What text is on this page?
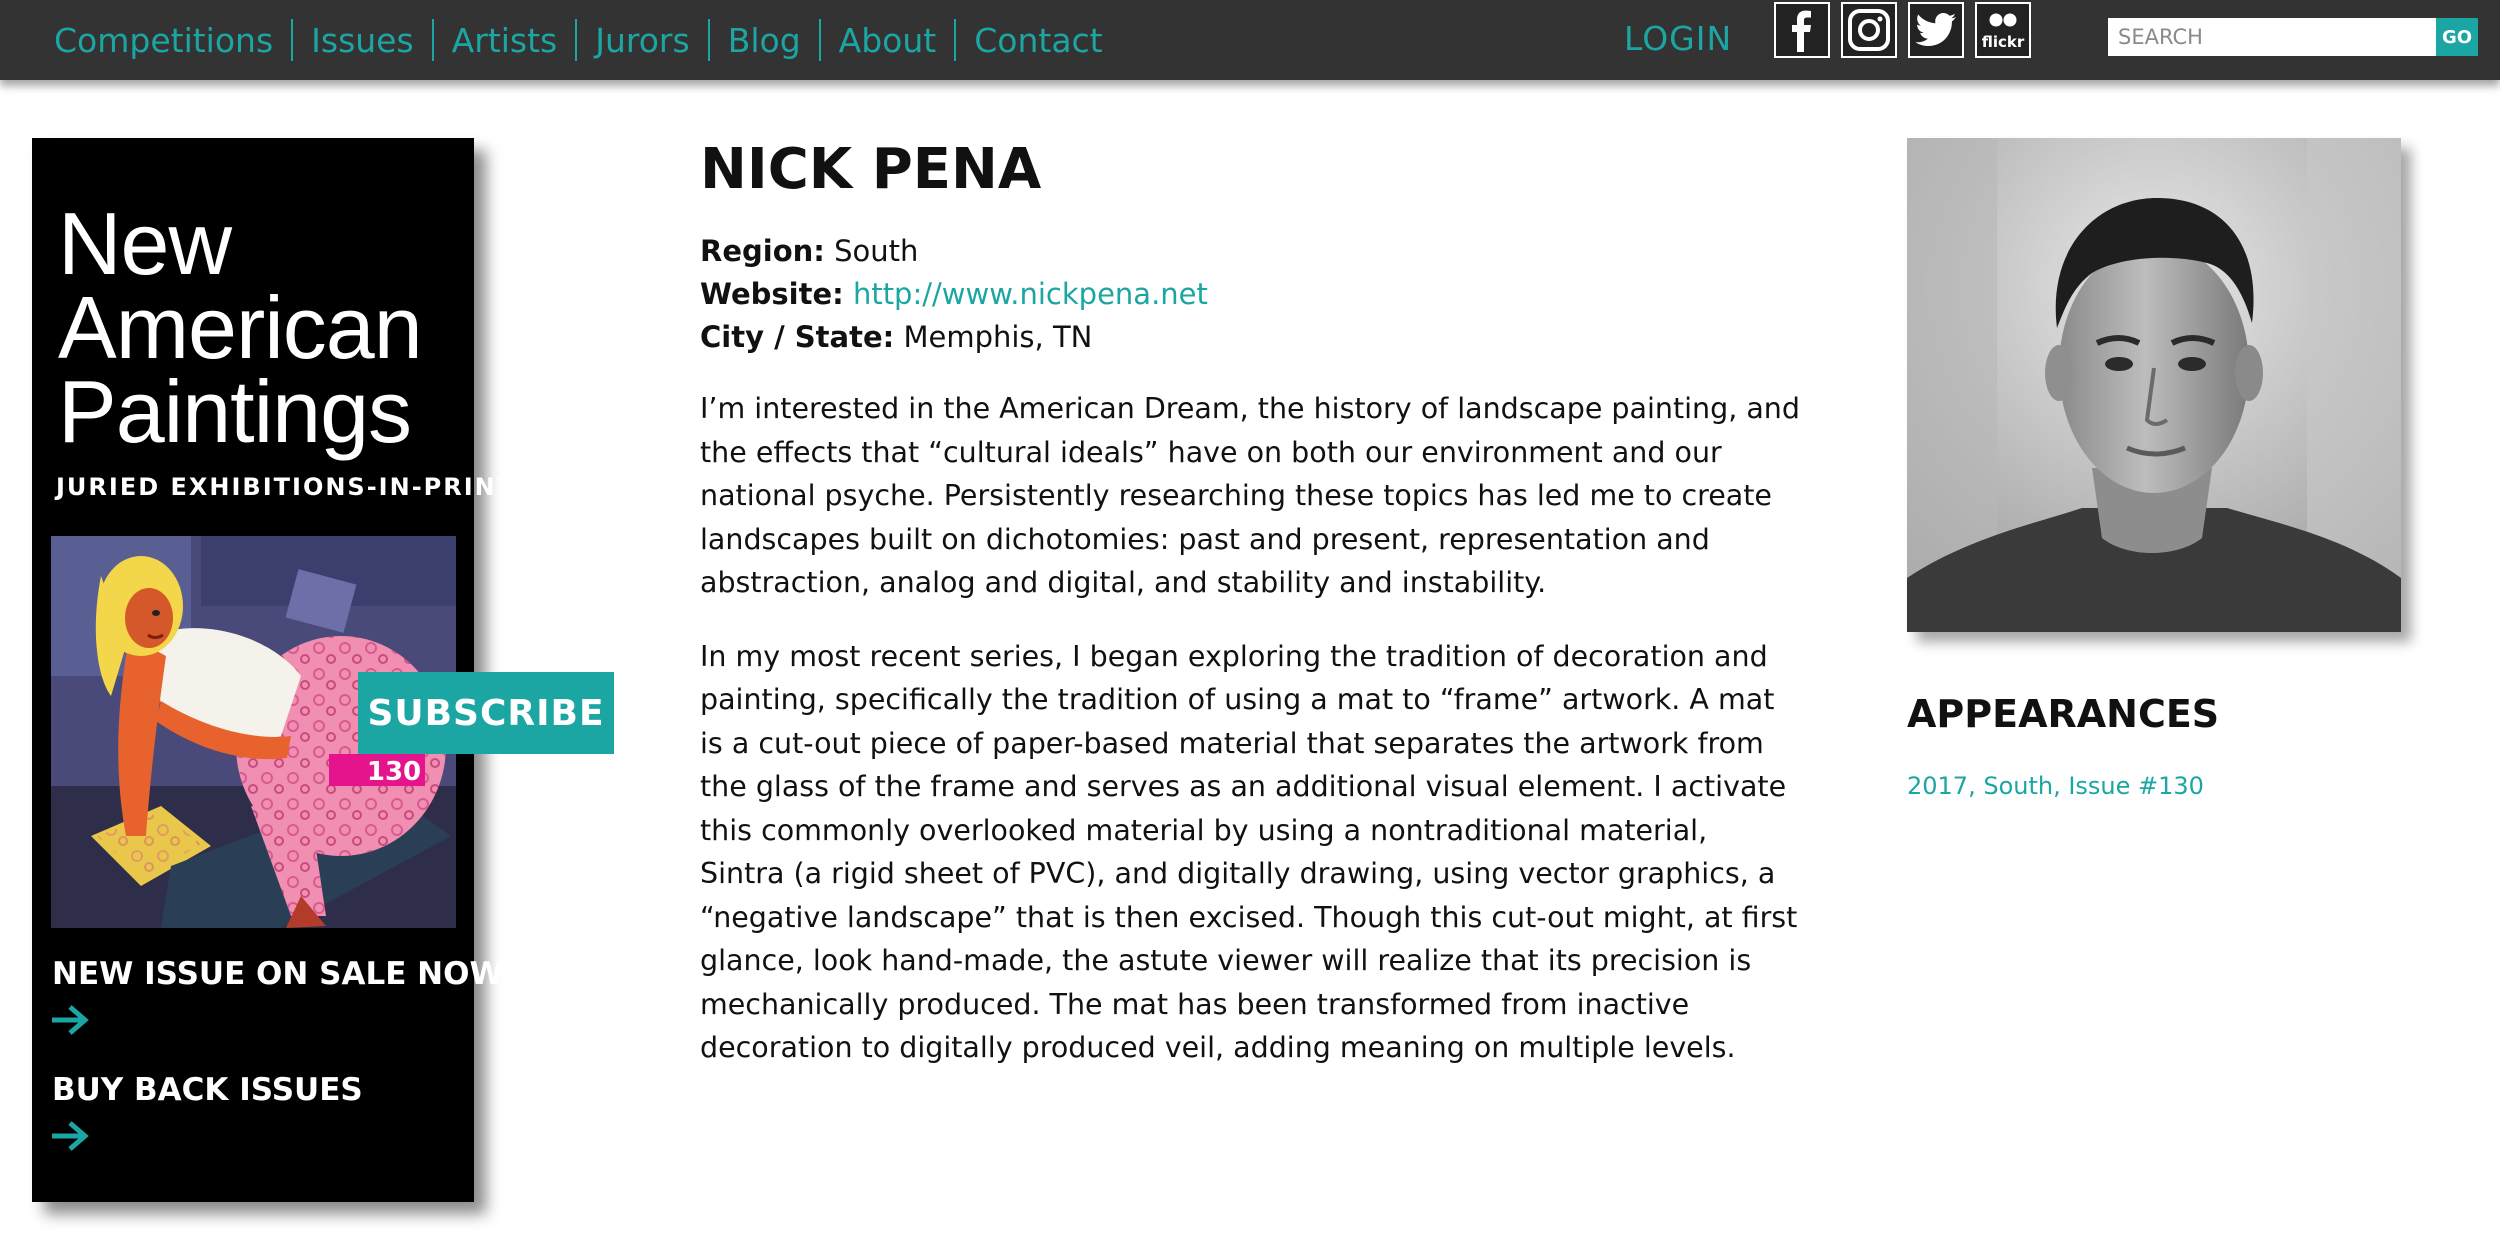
Competitions	Issues	Artists	Jurors	Blog	About	Contact	LOGIN	flickr
SEARCH	GO
New
American
Paintings
JURIED EXHIBITIONS-IN-PRINT
SUBSCRIBE
130
NEW ISSUE ON SALE NOW!
BUY BACK ISSUES
NICK PENA
Region: South
Website: http://www.nickpena.net
City / State: Memphis, TN

I’m interested in the American Dream, the history of landscape painting, and the effects that “cultural ideals” have on both our environment and our national psyche. Persistently researching these topics has led me to create landscapes built on dichotomies: past and present, representation and abstraction, analog and digital, and stability and instability.

In my most recent series, I began exploring the tradition of decoration and painting, specifically the tradition of using a mat to “frame” artwork. A mat is a cut-out piece of paper-based material that separates the artwork from the glass of the frame and serves as an additional visual element. I activate this commonly overlooked material by using a nontraditional material, Sintra (a rigid sheet of PVC), and digitally drawing, using vector graphics, a “negative landscape” that is then excised. Though this cut-out might, at first glance, look hand-made, the astute viewer will realize that its precision is mechanically produced. The mat has been transformed from inactive decoration to digitally produced veil, adding meaning on multiple levels.

APPEARANCES
2017, South, Issue #130
